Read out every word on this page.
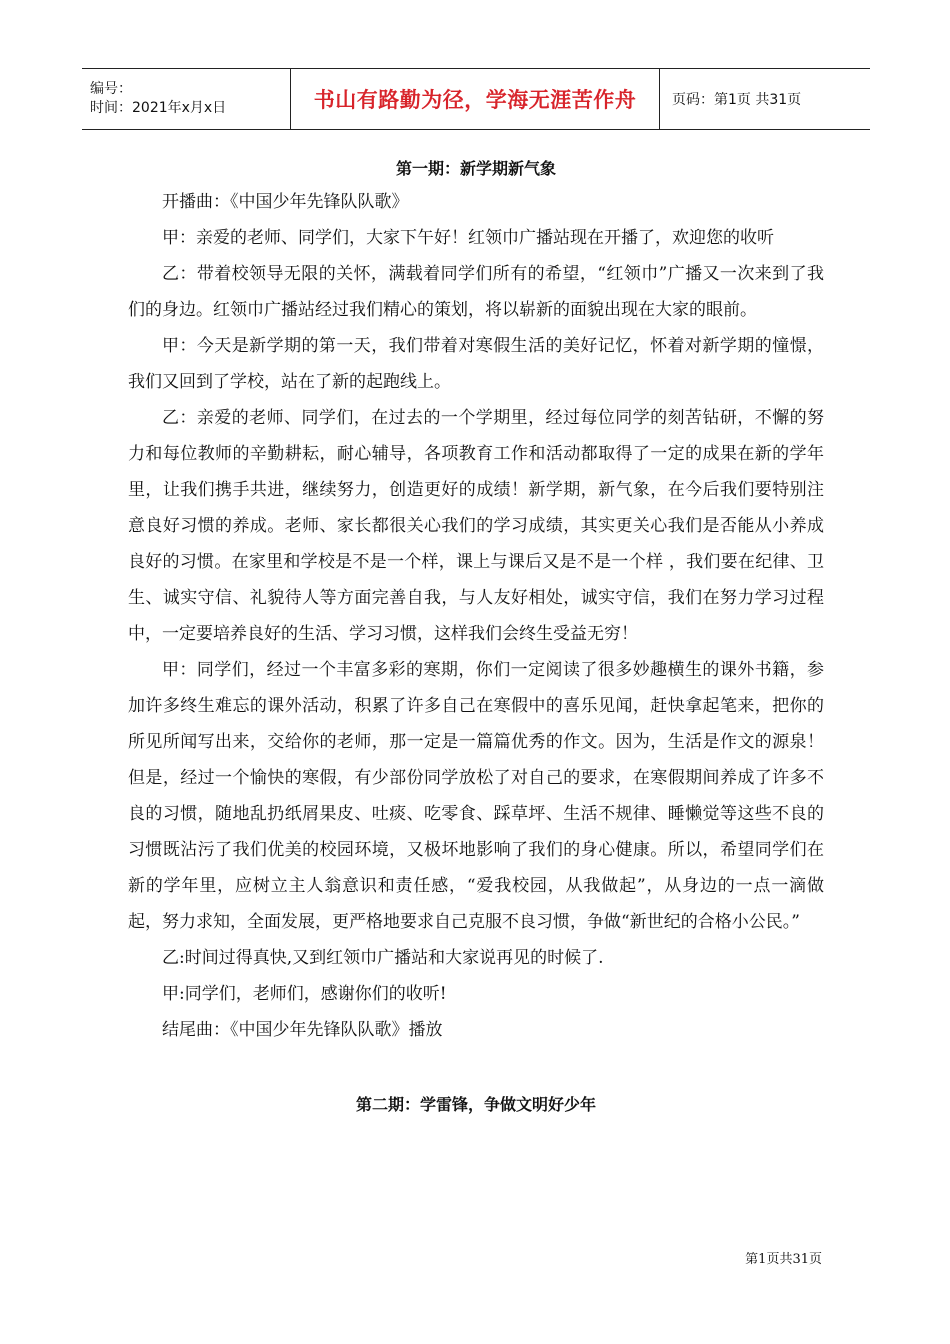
编号：
时间：2021年x月x日	书山有路勤为径，学海无涯苦作舟	页码：第1页 共31页
第一期：新学期新气象

开播曲：《中国少年先锋队队歌》

甲：亲爱的老师、同学们，大家下午好！红领巾广播站现在开播了，欢迎您的收听

乙：带着校领导无限的关怀，满载着同学们所有的希望，“红领巾”广播又一次来到了我们的身边。红领巾广播站经过我们精心的策划，将以崭新的面貌出现在大家的眼前。

甲：今天是新学期的第一天，我们带着对寒假生活的美好记忆，怀着对新学期的憧憬，我们又回到了学校，站在了新的起跑线上。

乙：亲爱的老师、同学们，在过去的一个学期里，经过每位同学的刻苦钻研，不懈的努力和每位教师的辛勤耕耘，耐心辅导，各项教育工作和活动都取得了一定的成果在新的学年里，让我们携手共进，继续努力，创造更好的成绩！新学期，新气象，在今后我们要特别注意良好习惯的养成。老师、家长都很关心我们的学习成绩，其实更关心我们是否能从小养成良好的习惯。在家里和学校是不是一个样，课上与课后又是不是一个样 ，我们要在纪律、卫生、诚实守信、礼貌待人等方面完善自我，与人友好相处，诚实守信，我们在努力学习过程中，一定要培养良好的生活、学习习惯，这样我们会终生受益无穷！

甲：同学们，经过一个丰富多彩的寒期，你们一定阅读了很多妙趣横生的课外书籍，参加许多终生难忘的课外活动，积累了许多自己在寒假中的喜乐见闻，赶快拿起笔来，把你的所见所闻写出来，交给你的老师，那一定是一篇篇优秀的作文。因为，生活是作文的源泉！但是，经过一个愉快的寒假，有少部份同学放松了对自己的要求，在寒假期间养成了许多不良的习惯，随地乱扔纸屑果皮、吐痰、吃零食、踩草坪、生活不规律、睡懒觉等这些不良的习惯既沾污了我们优美的校园环境，又极坏地影响了我们的身心健康。所以，希望同学们在新的学年里，应树立主人翁意识和责任感，“爱我校园，从我做起”，从身边的一点一滴做起，努力求知，全面发展，更严格地要求自己克服不良习惯，争做“新世纪的合格小公民。”

乙:时间过得真快,又到红领巾广播站和大家说再见的时候了.

甲:同学们，老师们，感谢你们的收听!

结尾曲：《中国少年先锋队队歌》播放

第二期：学雷锋，争做文明好少年
第1页共31页
